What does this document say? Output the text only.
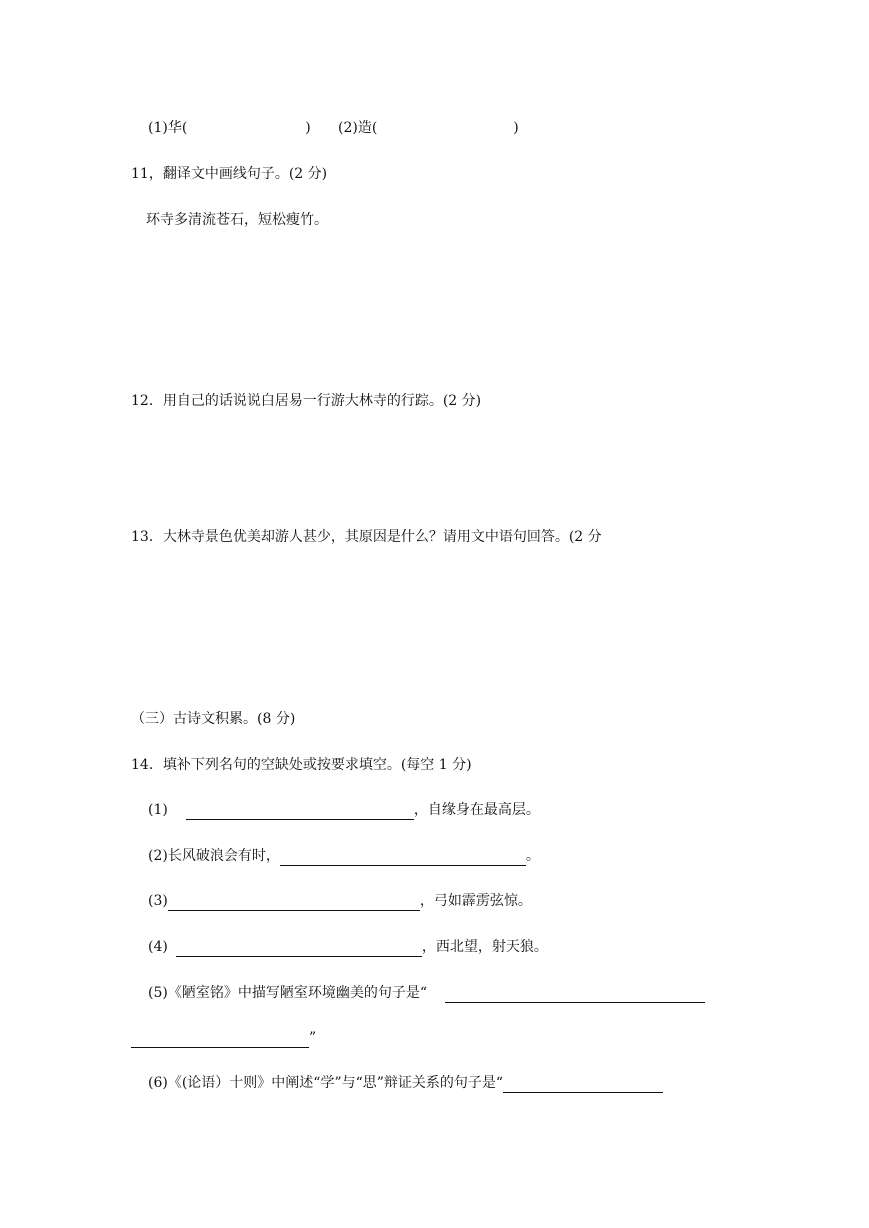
(1)华(	) (2)造(	)
11，翻译文中画线句子。(2 分)
环寺多清流苍石，短松瘦竹。
12．用自己的话说说白居易一行游大林寺的行踪。(2 分)
13．大林寺景色优美却游人甚少，其原因是什么？请用文中语句回答。(2 分
（三）古诗文积累。(8 分)
14．填补下列名句的空缺处或按要求填空。(每空 1 分)
(1)	，自缘身在最高层。
(2)长风破浪会有时，	。
(3)	，弓如霹雳弦惊。
(4)	，西北望，射天狼。
(5)《陋室铭》中描写陋室环境幽美的句子是“
”
(6)《(论语）十则》中阐述“学”与“思”辩证关系的句子是“
